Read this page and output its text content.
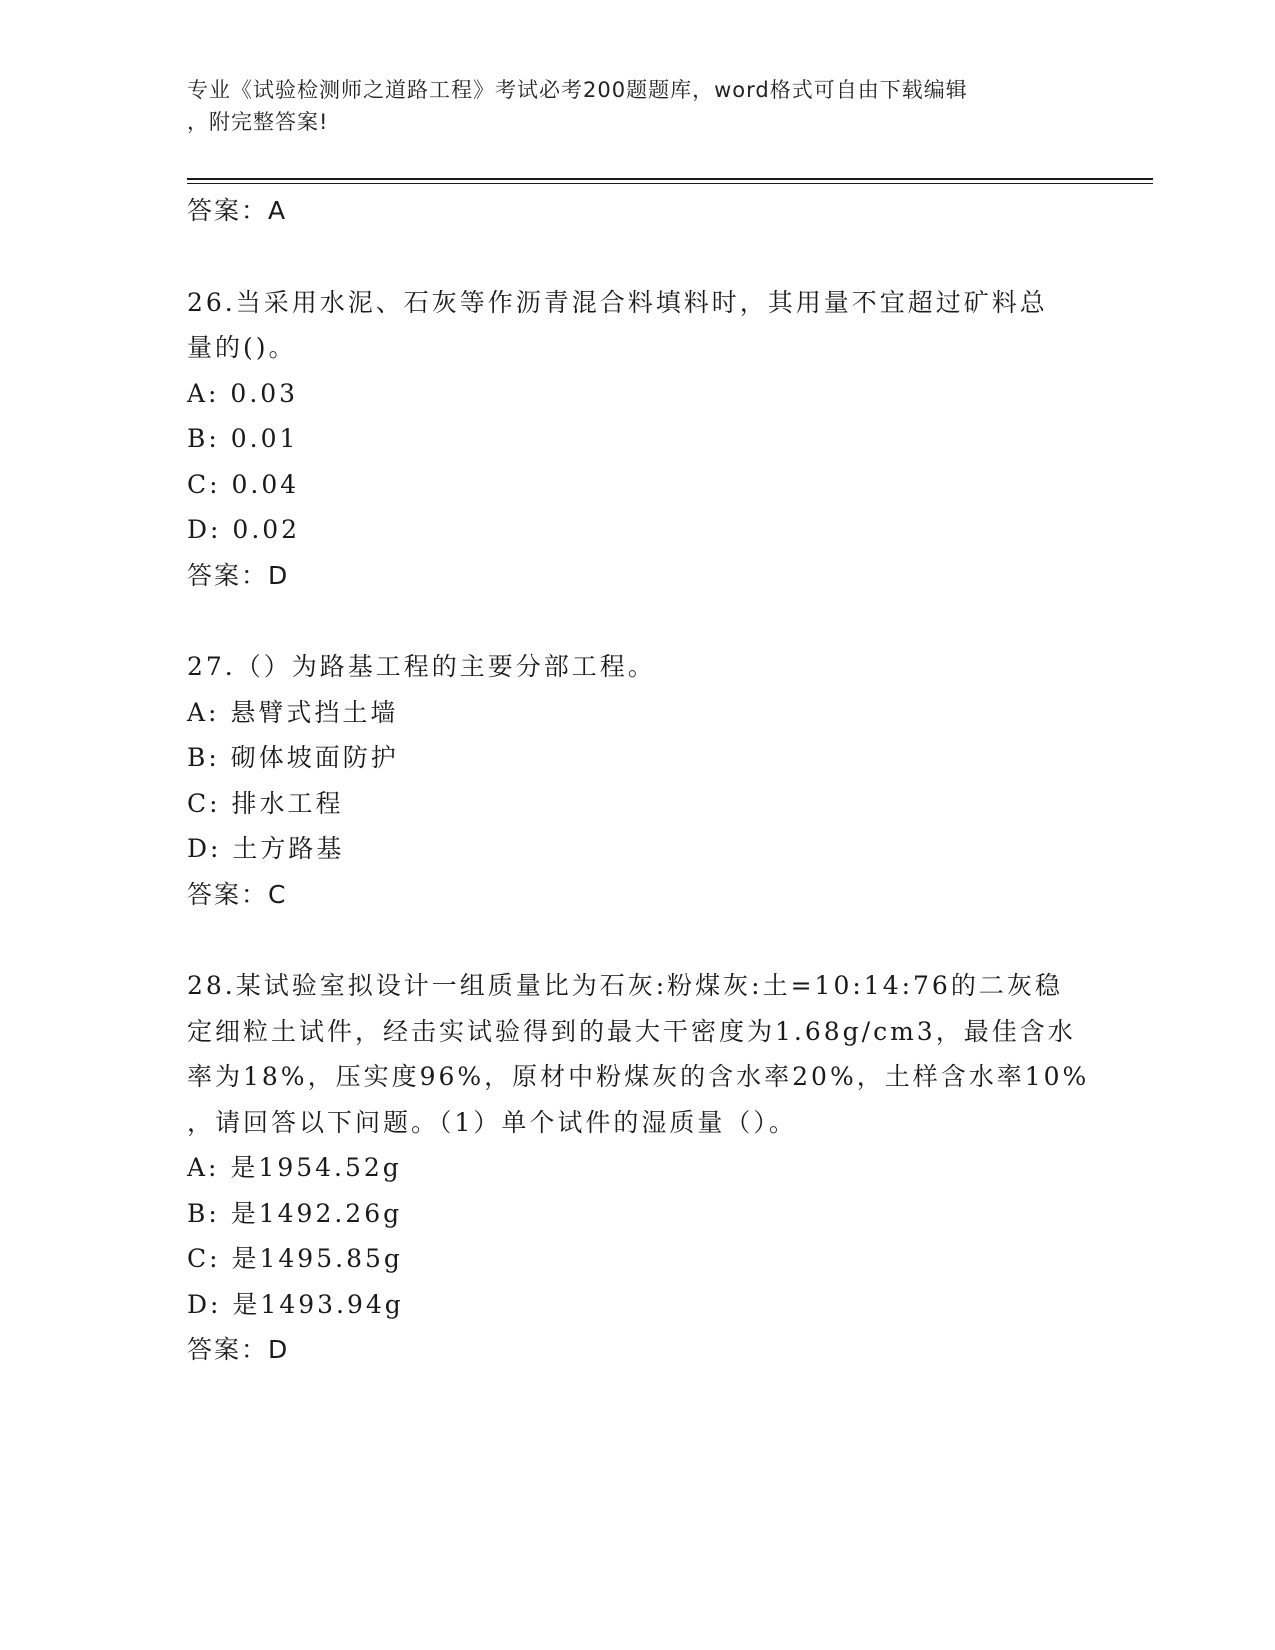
专业《试验检测师之道路工程》考试必考200题题库，word格式可自由下载编辑
，附完整答案!
答案：A
26.当采用水泥、石灰等作沥青混合料填料时，其用量不宜超过矿料总
量的()。
A: 0.03
B: 0.01
C: 0.04
D: 0.02
答案：D
27.（）为路基工程的主要分部工程。
A: 悬臂式挡土墙
B: 砌体坡面防护
C: 排水工程
D: 土方路基
答案：C
28.某试验室拟设计一组质量比为石灰:粉煤灰:土=10:14:76的二灰稳
定细粒土试件，经击实试验得到的最大干密度为1.68g/cm3，最佳含水
率为18%，压实度96%，原材中粉煤灰的含水率20%，土样含水率10%
，请回答以下问题。（1）单个试件的湿质量（）。
A: 是1954.52g
B: 是1492.26g
C: 是1495.85g
D: 是1493.94g
答案：D
